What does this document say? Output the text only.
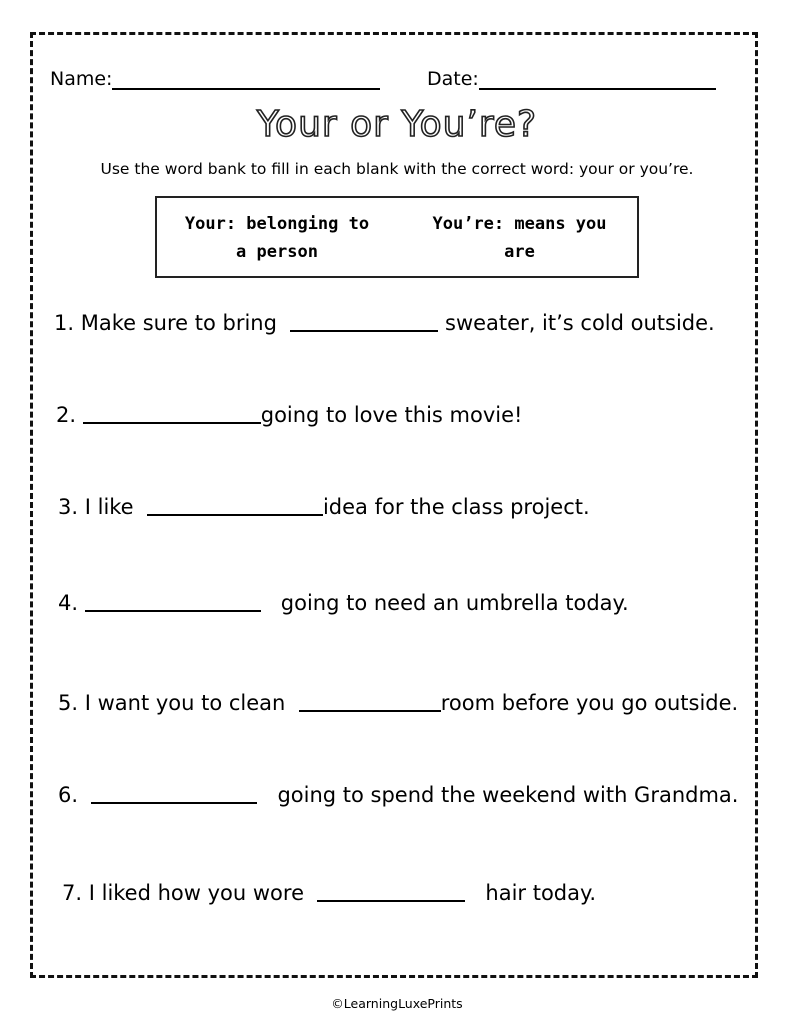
Name:	Date:
Your or You’re?
Use the word bank to fill in each blank with the correct word: your or you’re.
Your: belonging to
a person
You’re: means you
are
1.
Make sure to bring

	sweater, it’s cold outside.
2.
	going to love this movie!
3.
I like
	idea for the class project.
4.

	going to need an umbrella today.
5.
I want you to clean
	room before you go outside.
6.

	going to spend the weekend with Grandma.
7.
I liked how you wore

	hair today.
©LearningLuxePrints
